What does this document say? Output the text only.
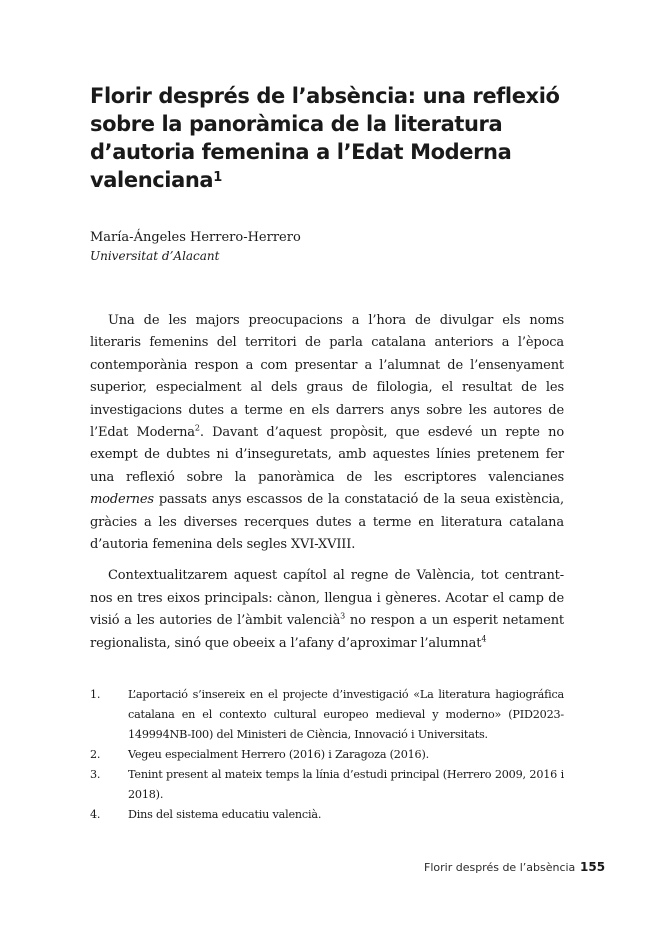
Florir després de l’absència: una reflexió sobre la panoràmica de la literatura d’autoria femenina a l’Edat Moderna valenciana$^1$
María-Ángeles Herrero-Herrero
Universitat d’Alacant

Una de les majors preocupacions a l’hora de divulgar els noms literaris femenins del territori de parla catalana anteriors a l’època contemporània respon a com presentar a l’alumnat de l’ensenyament superior, especialment al dels graus de filologia, el resultat de les investigacions dutes a terme en els darrers anys sobre les autores de l’Edat Moderna$^2$. Davant d’aquest propòsit, que esdevé un repte no exempt de dubtes ni d’inseguretats, amb aquestes línies pretenem fer una reflexió sobre la panoràmica de les escriptores valencianes modernes passats anys escassos de la constatació de la seua existència, gràcies a les diverses recerques dutes a terme en literatura catalana d’autoria femenina dels segles XVI-XVIII.

Contextualitzarem aquest capítol al regne de València, tot centrant-nos en tres eixos principals: cànon, llengua i gèneres. Acotar el camp de visió a les autories de l’àmbit valencià$^3$ no respon a un esperit netament regionalista, sinó que obeeix a l’afany d’aproximar l’alumnat$^4$

1.	L’aportació s’insereix en el projecte d’investigació «La literatura hagiográfica catalana en el contexto cultural europeo medieval y moderno» (PID2023-149994NB-I00) del Ministeri de Ciència, Innovació i Universitats.
2.	Vegeu especialment Herrero (2016) i Zaragoza (2016).
3.	Tenint present al mateix temps la línia d’estudi principal (Herrero 2009, 2016 i 2018).
4.	Dins del sistema educatiu valencià.
Florir després de l’absència 155
